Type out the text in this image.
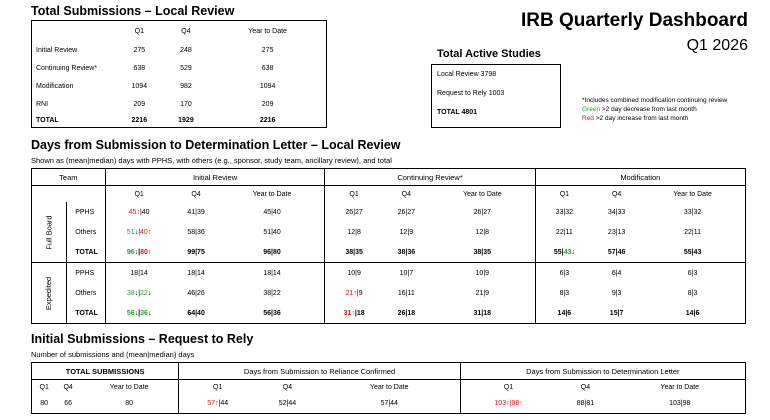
Total Submissions – Local Review
	Q1	Q4	Year to Date
Initial Review	275	248	275
Continuing Review*	638	529	638
Modification	1094	982	1094
RNI	209	170	209
TOTAL	2216	1929	2216
IRB Quarterly Dashboard
Q1 2026
Total Active Studies
Local Review 3798
Request to Rely 1003
TOTAL 4801
*Includes combined modification continuing review
Green >2 day decrease from last month
Red >2 day increase from last month
Days from Submission to Determination Letter – Local Review
Shown as (mean|median) days with PPHS, with others (e.g., sponsor, study team, ancillary review), and total
Team		Initial Review			Continuing Review*			Modification		
		Q1	Q4	Year to Date	Q1	Q4	Year to Date	Q1	Q4	Year to Date
Full Board	PPHS	45↑|40	41|39	45|40	26|27	26|27	26|27	33|32	34|33	33|32
	Others	51↓|40↑	58|36	51|40	12|8	12|9	12|8	22|11	23|13	22|11
	TOTAL	96↓|80↑	99|75	96|80	38|35	38|36	38|35	55|43↓	57|46	55|43
Expedited	PPHS	18|14	18|14	18|14	10|9	10|7	10|9	6|3	6|4	6|3
	Others	38↓|22↓	46|26	38|22	21↑|9	16|11	21|9	8|3	9|3	8|3
	TOTAL	56↓|36↓	64|40	56|36	31↑|18	26|18	31|18	14|6	15|7	14|6
Initial Submissions – Request to Rely
Number of submissions and (mean|median) days
TOTAL SUBMISSIONS			Days from Submission to Reliance Confirmed			Days from Submission to Determination Letter		
Q1	Q4	Year to Date	Q1	Q4	Year to Date	Q1	Q4	Year to Date
80	66	80	57↑|44	52|44	57|44	103↑|98↑	88|81	103|98
